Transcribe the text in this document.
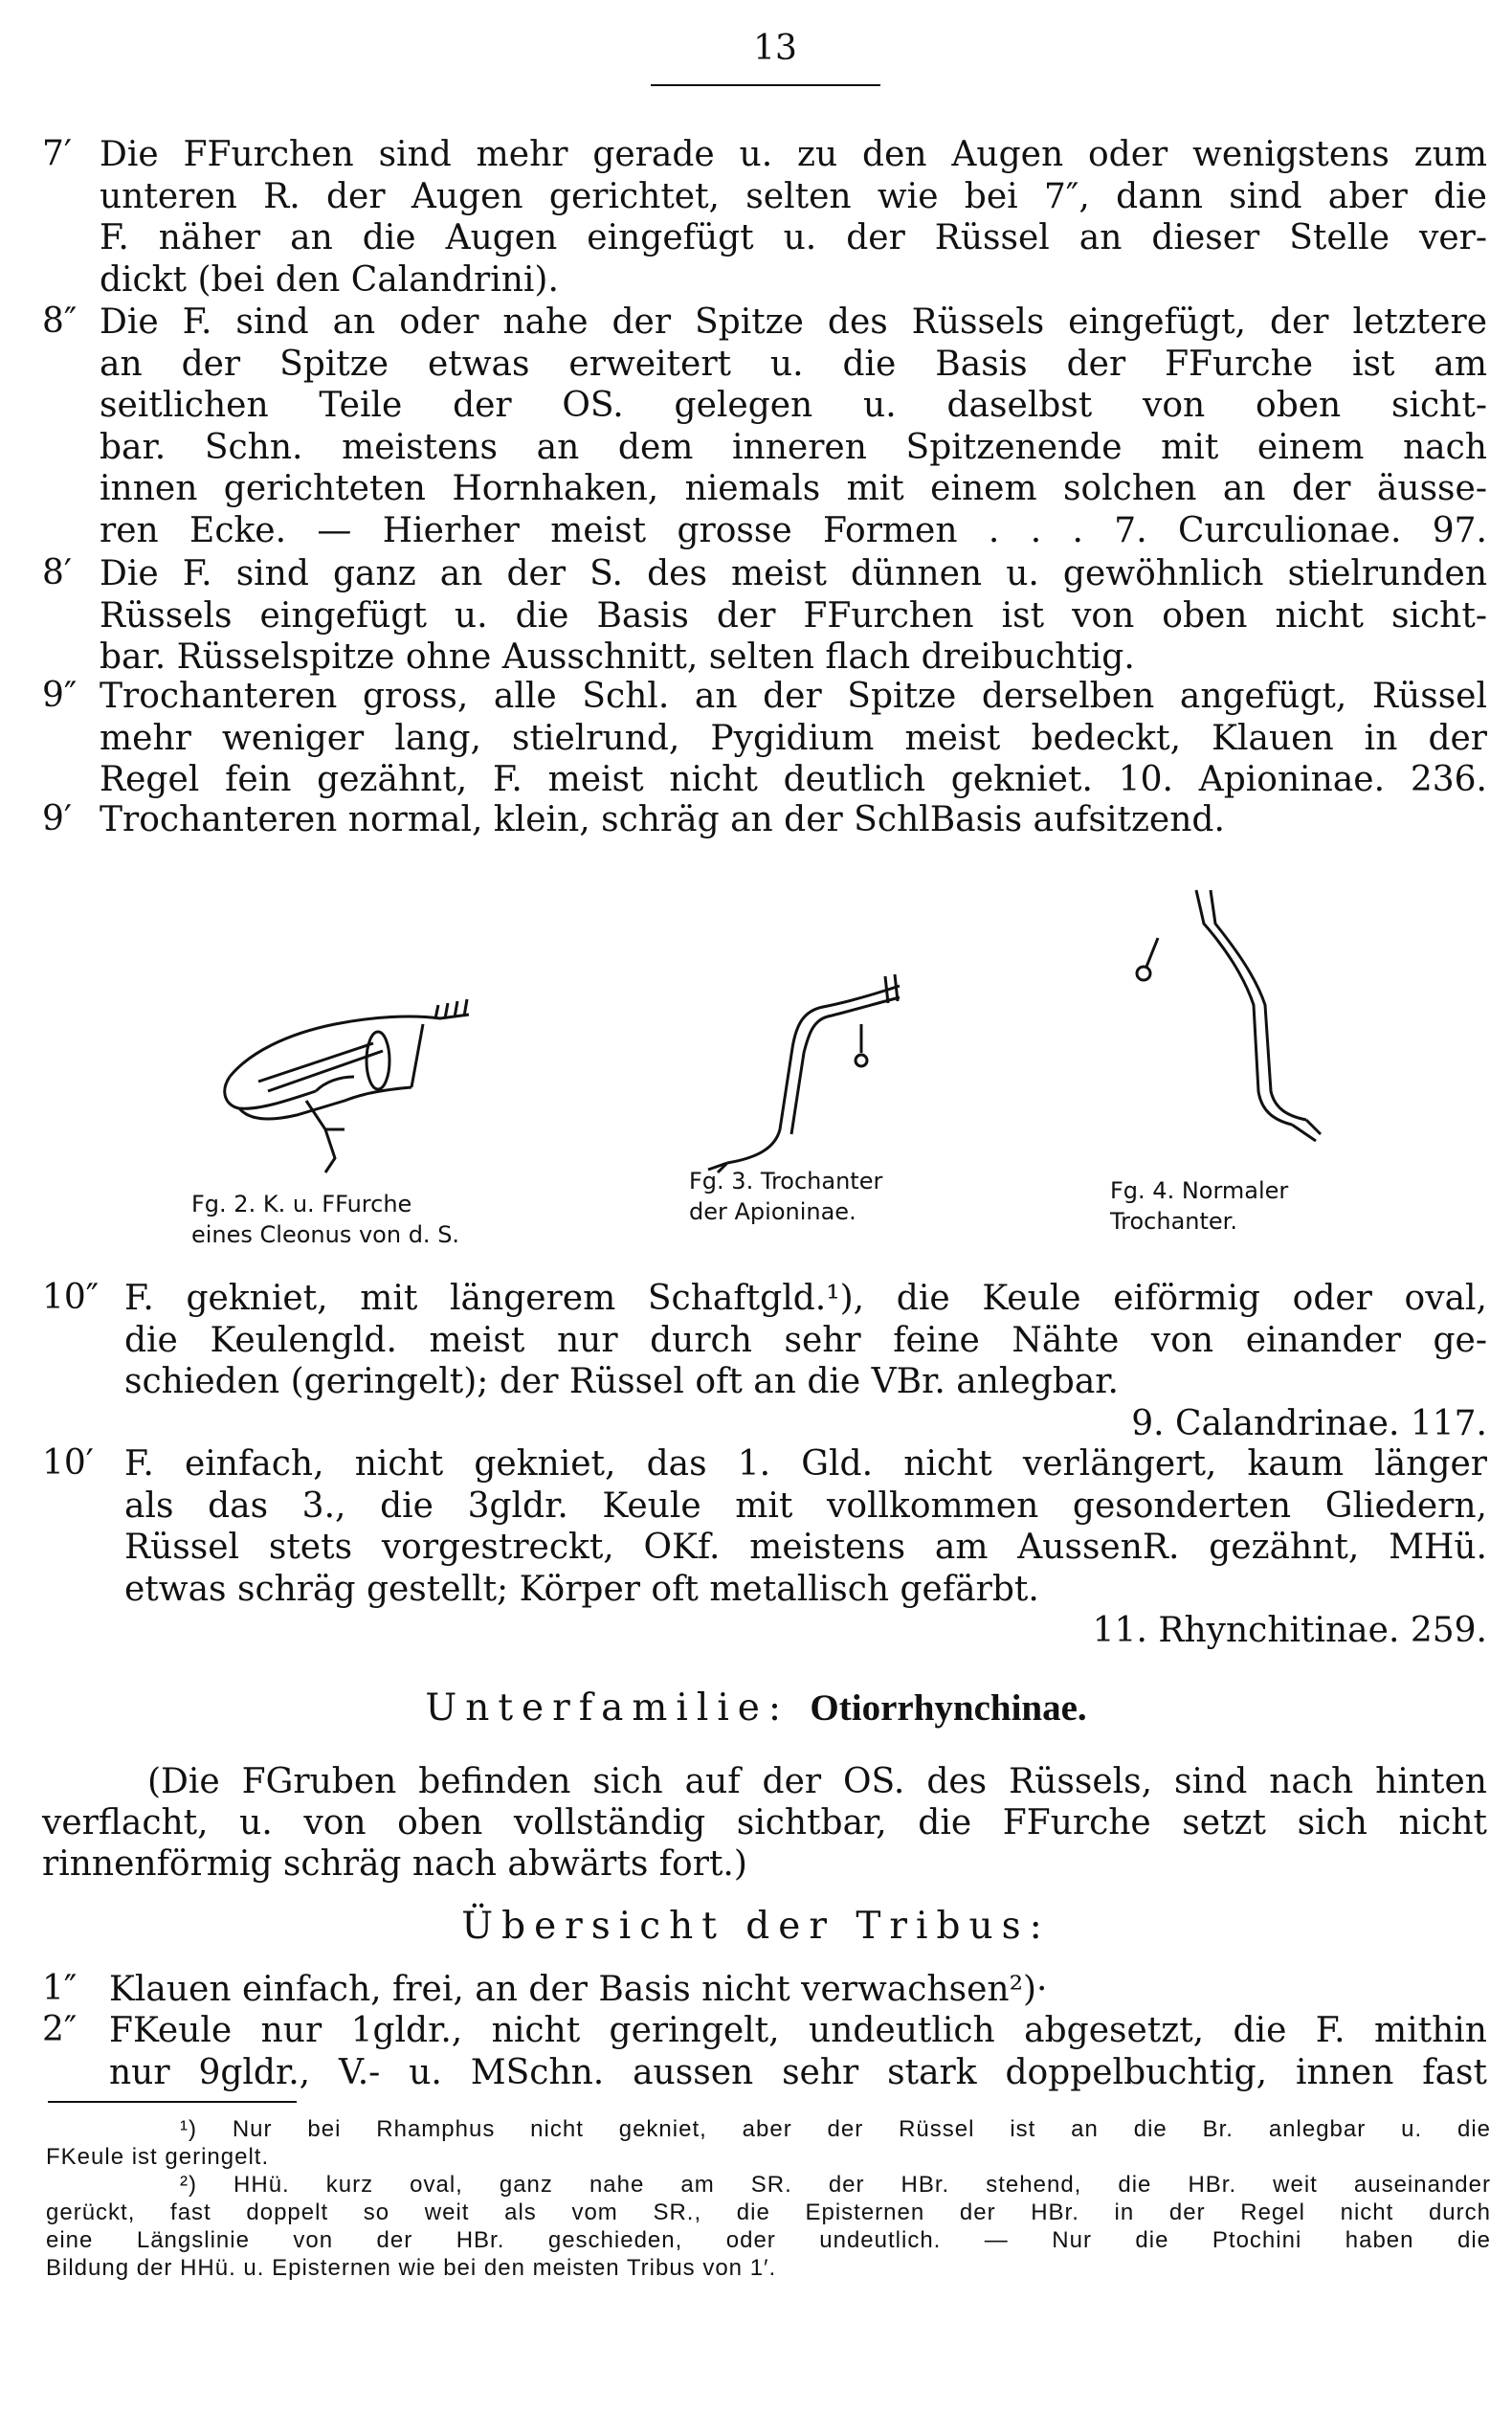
13
7′ Die FFurchen sind mehr gerade u. zu den Augen oder wenigstens zum
unteren R. der Augen gerichtet, selten wie bei 7″, dann sind aber die
F. näher an die Augen eingefügt u. der Rüssel an dieser Stelle ver-
dickt (bei den Calandrini).
8″ Die F. sind an oder nahe der Spitze des Rüssels eingefügt, der letztere
an der Spitze etwas erweitert u. die Basis der FFurche ist am
seitlichen Teile der OS. gelegen u. daselbst von oben sicht-
bar. Schn. meistens an dem inneren Spitzenende mit einem nach
innen gerichteten Hornhaken, niemals mit einem solchen an der äusse-
ren Ecke. — Hierher meist grosse Formen . . . 7. Curculionae. 97.
8′ Die F. sind ganz an der S. des meist dünnen u. gewöhnlich stielrunden
Rüssels eingefügt u. die Basis der FFurchen ist von oben nicht sicht-
bar. Rüsselspitze ohne Ausschnitt, selten flach dreibuchtig.
9″ Trochanteren gross, alle Schl. an der Spitze derselben angefügt, Rüssel
mehr weniger lang, stielrund, Pygidium meist bedeckt, Klauen in der
Regel fein gezähnt, F. meist nicht deutlich gekniet. 10. Apioninae. 236.
9′ Trochanteren normal, klein, schräg an der SchlBasis aufsitzend.
Fg. 2. K. u. FFurche
eines Cleonus von d. S.
Fg. 3. Trochanter
der Apioninae.
Fg. 4. Normaler
Trochanter.
10″ F. gekniet, mit längerem Schaftgld.¹), die Keule eiförmig oder oval,
die Keulengld. meist nur durch sehr feine Nähte von einander ge-
schieden (geringelt); der Rüssel oft an die VBr. anlegbar.
9. Calandrinae. 117.
10′ F. einfach, nicht gekniet, das 1. Gld. nicht verlängert, kaum länger
als das 3., die 3gldr. Keule mit vollkommen gesonderten Gliedern,
Rüssel stets vorgestreckt, OKf. meistens am AussenR. gezähnt, MHü.
etwas schräg gestellt; Körper oft metallisch gefärbt.
11. Rhynchitinae. 259.
Unterfamilie: Otiorrhynchinae.
(Die FGruben befinden sich auf der OS. des Rüssels, sind nach hinten
verflacht, u. von oben vollständig sichtbar, die FFurche setzt sich nicht
rinnenförmig schräg nach abwärts fort.)
Übersicht der Tribus:
1″ Klauen einfach, frei, an der Basis nicht verwachsen²)·
2″ FKeule nur 1gldr., nicht geringelt, undeutlich abgesetzt, die F. mithin
nur 9gldr., V.- u. MSchn. aussen sehr stark doppelbuchtig, innen fast
¹) Nur bei Rhamphus nicht gekniet, aber der Rüssel ist an die Br. anlegbar u. die
FKeule ist geringelt.
²) HHü. kurz oval, ganz nahe am SR. der HBr. stehend, die HBr. weit auseinander
gerückt, fast doppelt so weit als vom SR., die Episternen der HBr. in der Regel nicht durch
eine Längslinie von der HBr. geschieden, oder undeutlich. — Nur die Ptochini haben die
Bildung der HHü. u. Episternen wie bei den meisten Tribus von 1′.
